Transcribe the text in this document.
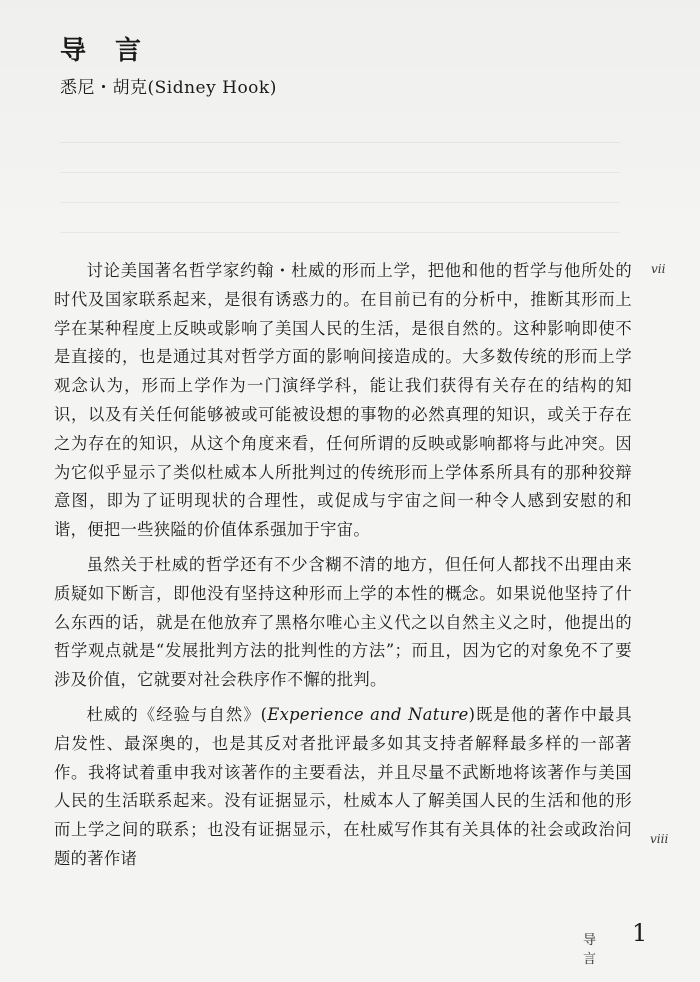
导 言
悉尼・胡克(Sidney Hook)

讨论美国著名哲学家约翰・杜威的形而上学，把他和他的哲学与他所处的时代及国家联系起来，是很有诱惑力的。在目前已有的分析中，推断其形而上学在某种程度上反映或影响了美国人民的生活，是很自然的。这种影响即使不是直接的，也是通过其对哲学方面的影响间接造成的。大多数传统的形而上学观念认为，形而上学作为一门演绎学科，能让我们获得有关存在的结构的知识，以及有关任何能够被或可能被设想的事物的必然真理的知识，或关于存在之为存在的知识，从这个角度来看，任何所谓的反映或影响都将与此冲突。因为它似乎显示了类似杜威本人所批判过的传统形而上学体系所具有的那种狡辩意图，即为了证明现状的合理性，或促成与宇宙之间一种令人感到安慰的和谐，便把一些狭隘的价值体系强加于宇宙。

虽然关于杜威的哲学还有不少含糊不清的地方，但任何人都找不出理由来质疑如下断言，即他没有坚持这种形而上学的本性的概念。如果说他坚持了什么东西的话，就是在他放弃了黑格尔唯心主义代之以自然主义之时，他提出的哲学观点就是“发展批判方法的批判性的方法”；而且，因为它的对象免不了要涉及价值，它就要对社会秩序作不懈的批判。

杜威的《经验与自然》(Experience and Nature)既是他的著作中最具启发性、最深奥的，也是其反对者批评最多如其支持者解释最多样的一部著作。我将试着重申我对该著作的主要看法，并且尽量不武断地将该著作与美国人民的生活联系起来。没有证据显示，杜威本人了解美国人民的生活和他的形而上学之间的联系；也没有证据显示，在杜威写作其有关具体的社会或政治问题的著作诸

vii
viii
导 言
1
